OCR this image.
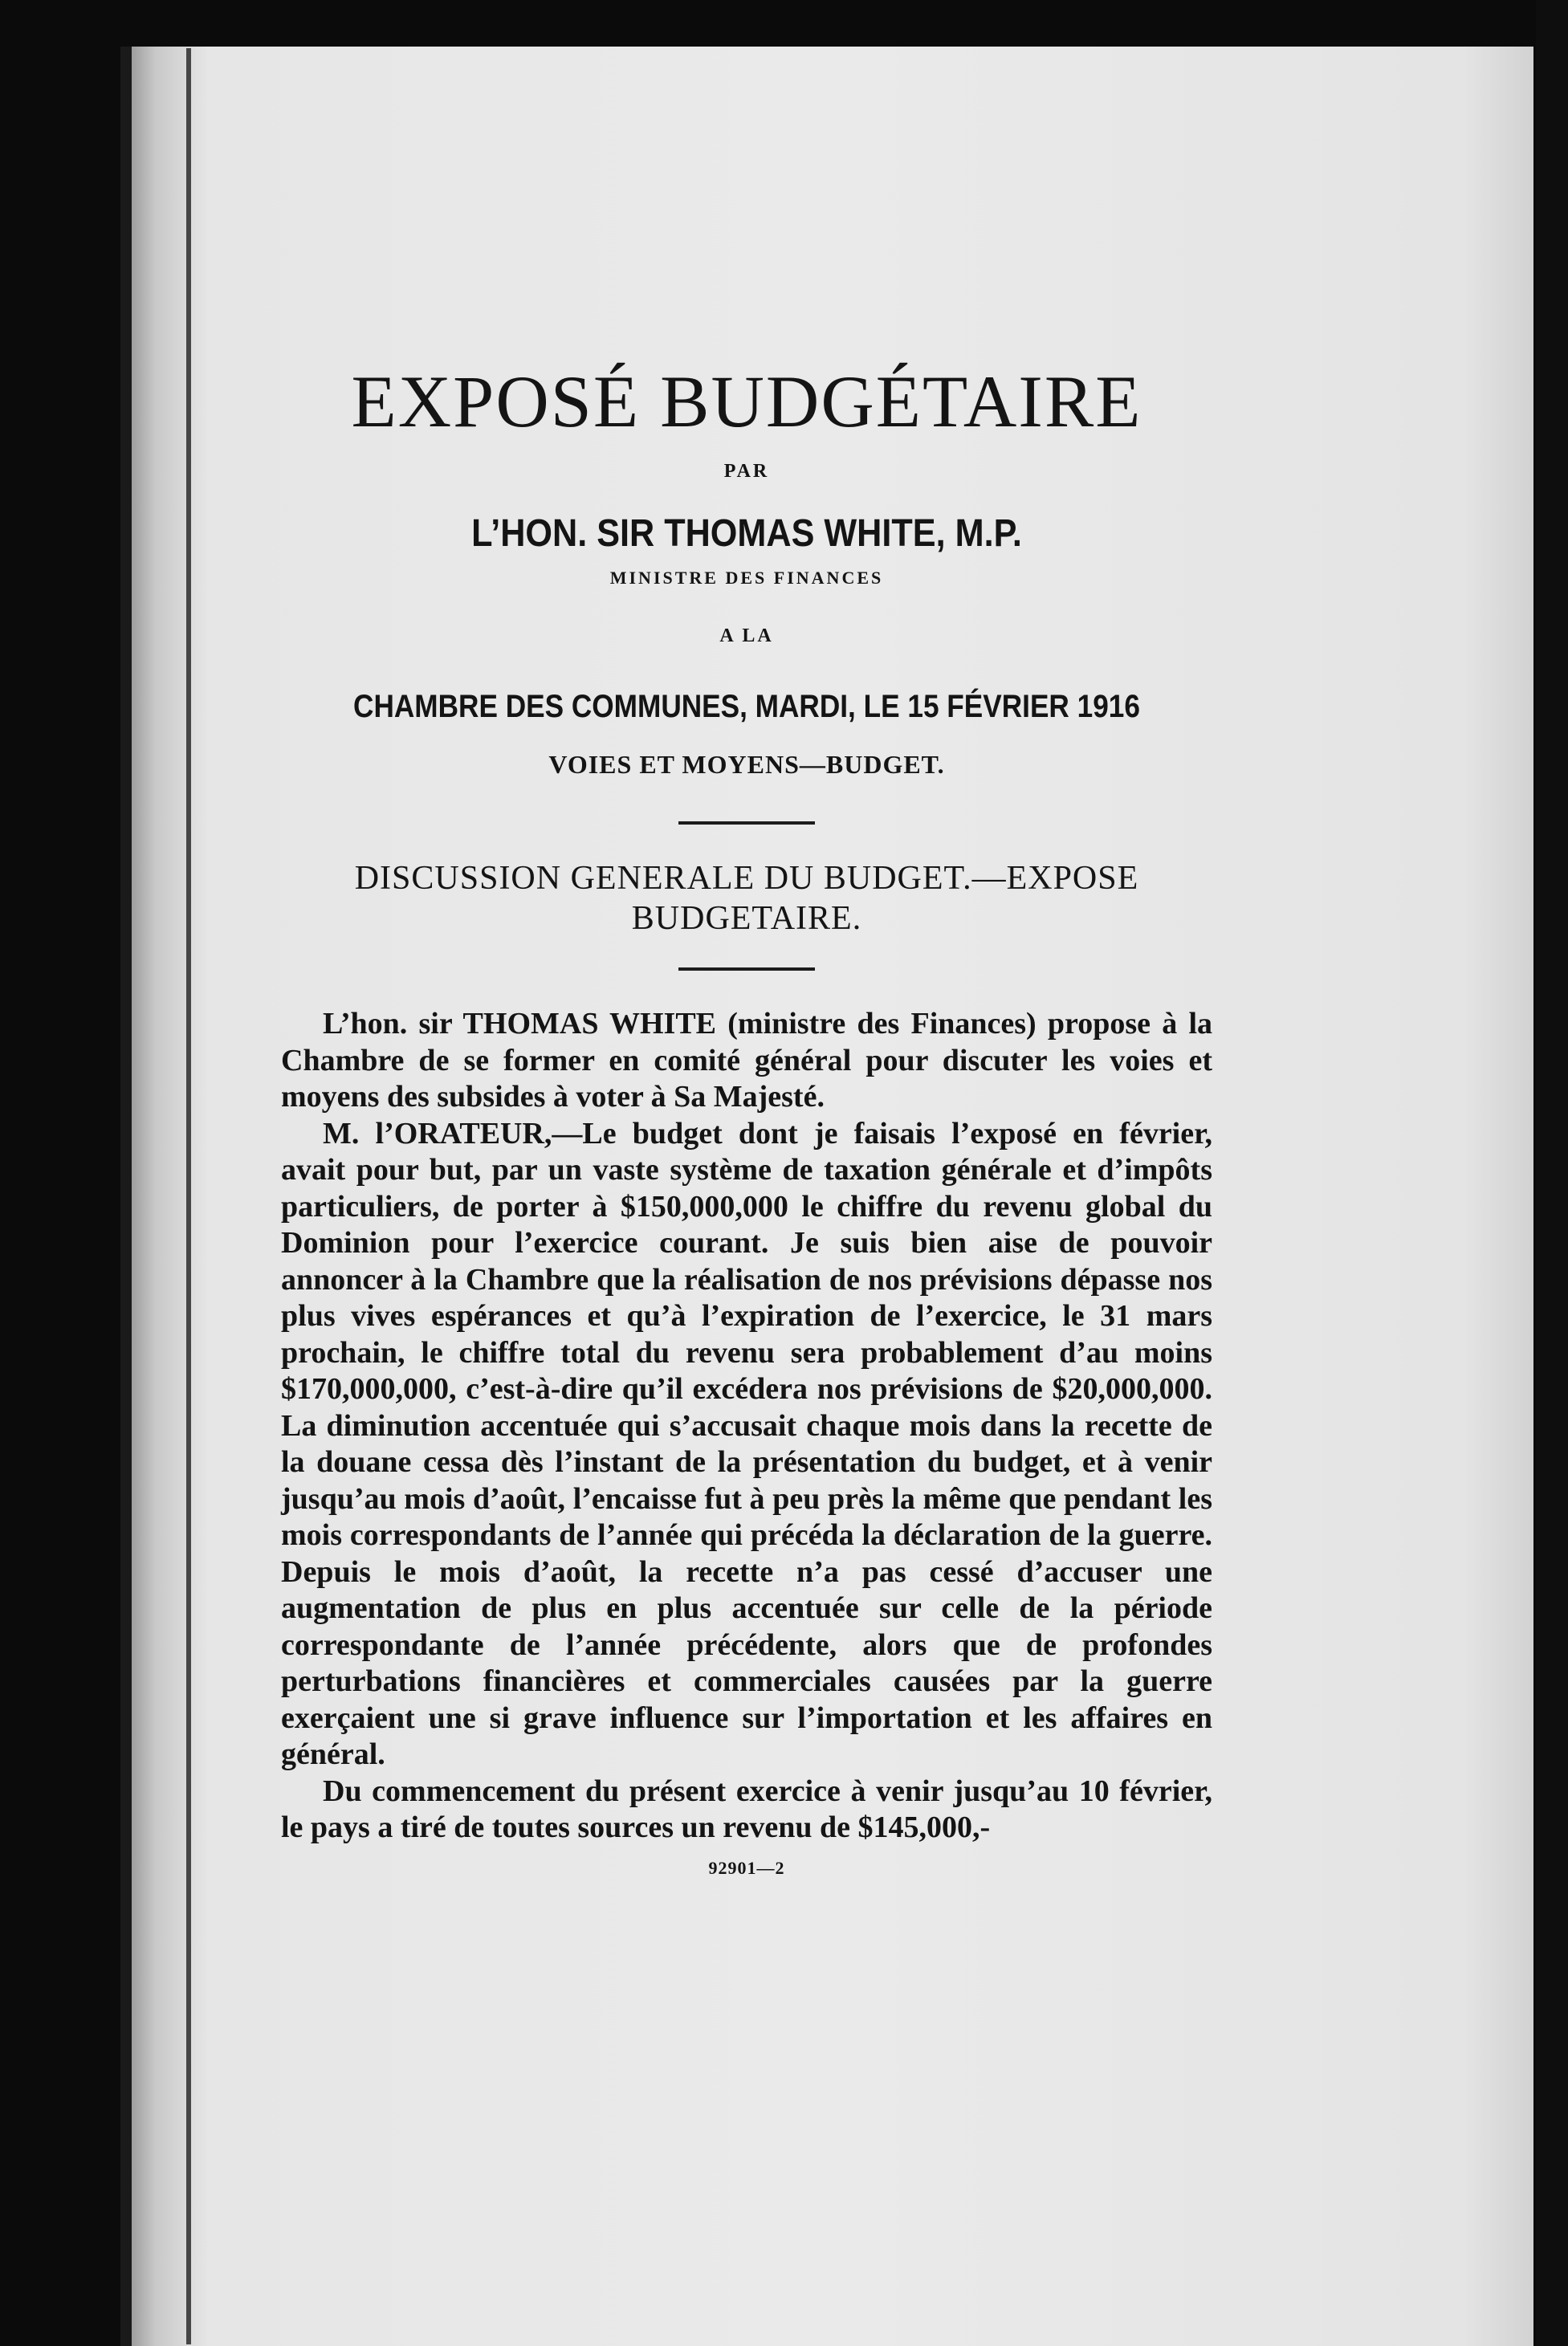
EXPOSÉ BUDGÉTAIRE
PAR
L’HON. SIR THOMAS WHITE, M.P.
MINISTRE DES FINANCES
A LA
CHAMBRE DES COMMUNES, MARDI, LE 15 FÉVRIER 1916
VOIES ET MOYENS—BUDGET.
DISCUSSION GENERALE DU BUDGET.—EXPOSE BUDGETAIRE.

L’hon. sir THOMAS WHITE (ministre des Finances) propose à la Chambre de se former en comité général pour discuter les voies et moyens des subsides à voter à Sa Majesté.

M. l’ORATEUR,—Le budget dont je faisais l’exposé en février, avait pour but, par un vaste système de taxation générale et d’impôts particuliers, de porter à $150,000,000 le chiffre du revenu global du Dominion pour l’exercice courant. Je suis bien aise de pouvoir annoncer à la Chambre que la réalisation de nos prévisions dépasse nos plus vives espérances et qu’à l’expiration de l’exercice, le 31 mars prochain, le chiffre total du revenu sera probablement d’au moins $170,000,000, c’est-à-dire qu’il excédera nos prévisions de $20,000,000. La diminution accentuée qui s’accusait chaque mois dans la recette de la douane cessa dès l’instant de la présentation du budget, et à venir jusqu’au mois d’août, l’encaisse fut à peu près la même que pendant les mois correspondants de l’année qui précéda la déclaration de la guerre. Depuis le mois d’août, la recette n’a pas cessé d’accuser une augmentation de plus en plus accentuée sur celle de la période correspondante de l’année précédente, alors que de profondes perturbations financières et commerciales causées par la guerre exerçaient une si grave influence sur l’importation et les affaires en général.

Du commencement du présent exercice à venir jusqu’au 10 février, le pays a tiré de toutes sources un revenu de $145,000,-

92901—2
